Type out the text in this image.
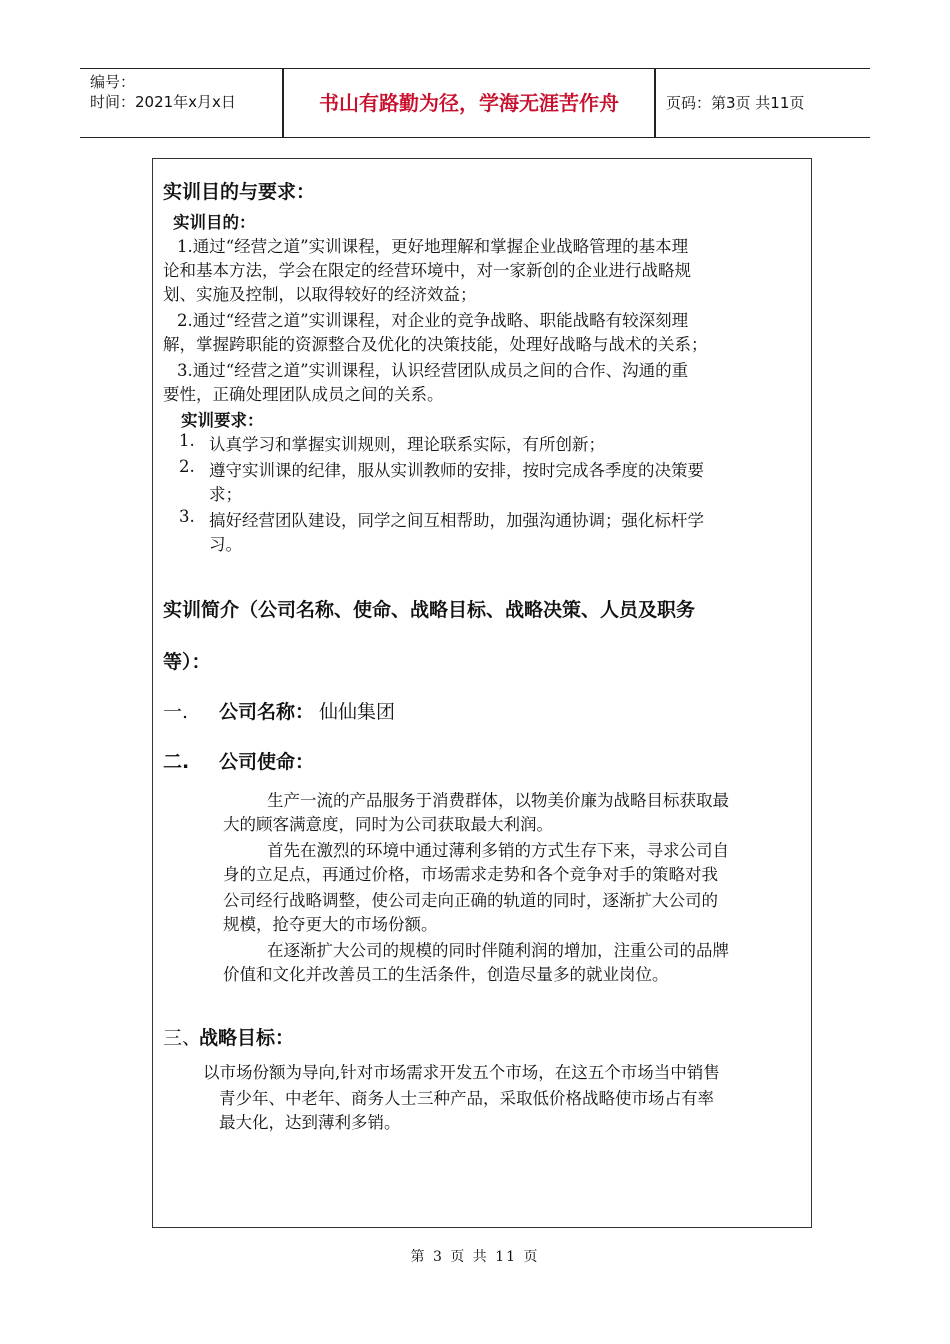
编号：
时间：2021年x月x日	书山有路勤为径，学海无涯苦作舟	页码：第3页 共11页
实训目的与要求：
实训目的：
1.通过“经营之道”实训课程，更好地理解和掌握企业战略管理的基本理
论和基本方法，学会在限定的经营环境中，对一家新创的企业进行战略规
划、实施及控制，以取得较好的经济效益；
2.通过“经营之道”实训课程，对企业的竞争战略、职能战略有较深刻理
解，掌握跨职能的资源整合及优化的决策技能，处理好战略与战术的关系；
3.通过“经营之道”实训课程，认识经营团队成员之间的合作、沟通的重
要性，正确处理团队成员之间的关系。
实训要求：
1. 认真学习和掌握实训规则，理论联系实际，有所创新；
2. 遵守实训课的纪律，服从实训教师的安排，按时完成各季度的决策要
求；
3. 搞好经营团队建设，同学之间互相帮助，加强沟通协调；强化标杆学
习。
实训简介（公司名称、使命、战略目标、战略决策、人员及职务
等）：
一. 公司名称： 仙仙集团
二. 公司使命：
生产一流的产品服务于消费群体，以物美价廉为战略目标获取最
大的顾客满意度，同时为公司获取最大利润。
首先在激烈的环境中通过薄利多销的方式生存下来，寻求公司自
身的立足点，再通过价格，市场需求走势和各个竞争对手的策略对我
公司经行战略调整，使公司走向正确的轨道的同时，逐渐扩大公司的
规模，抢夺更大的市场份额。
在逐渐扩大公司的规模的同时伴随利润的增加，注重公司的品牌
价值和文化并改善员工的生活条件，创造尽量多的就业岗位。
三、
战略目标：
以市场份额为导向,针对市场需求开发五个市场，在这五个市场当中销售
青少年、中老年、商务人士三种产品，采取低价格战略使市场占有率
最大化，达到薄利多销。
第 3 页 共 11 页
